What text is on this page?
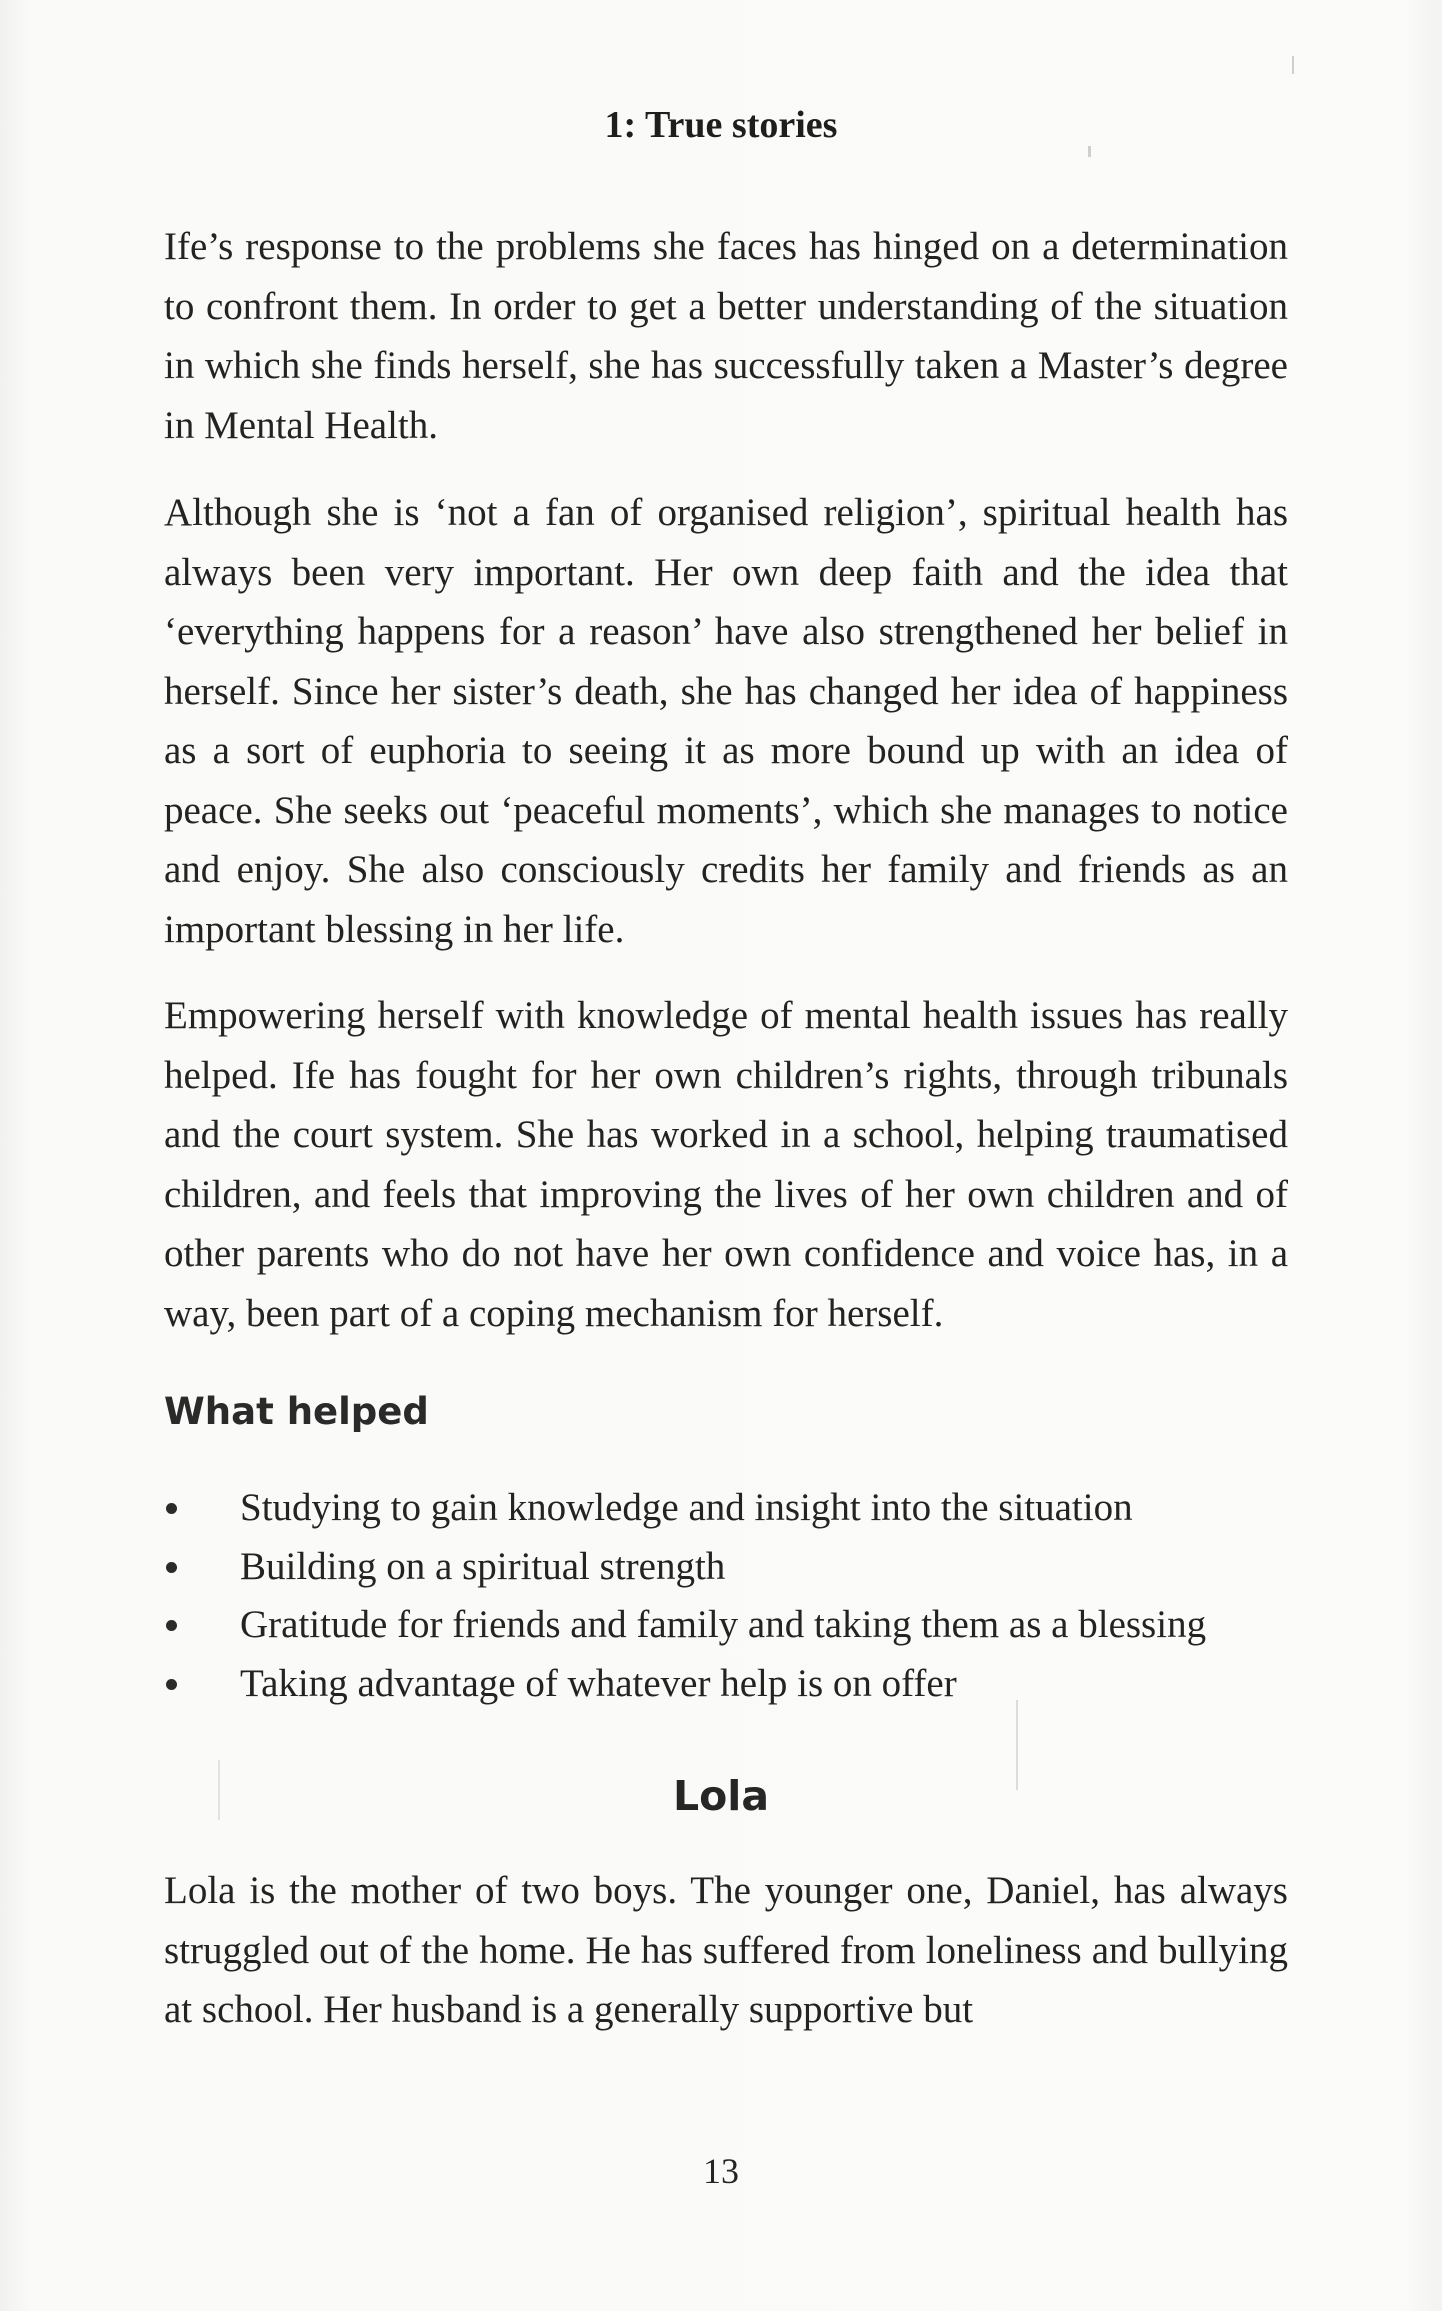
1: True stories

Ife’s response to the problems she faces has hinged on a determination to confront them. In order to get a better understanding of the situation in which she finds herself, she has successfully taken a Master’s degree in Mental Health.

Although she is ‘not a fan of organised religion’, spiritual health has always been very important. Her own deep faith and the idea that ‘everything happens for a reason’ have also strengthened her belief in herself. Since her sister’s death, she has changed her idea of happiness as a sort of euphoria to seeing it as more bound up with an idea of peace. She seeks out ‘peaceful moments’, which she manages to notice and enjoy. She also consciously credits her family and friends as an important blessing in her life.

Empowering herself with knowledge of mental health issues has really helped. Ife has fought for her own children’s rights, through tribunals and the court system. She has worked in a school, helping traumatised children, and feels that improving the lives of her own children and of other parents who do not have her own confidence and voice has, in a way, been part of a coping mechanism for herself.

What helped
Studying to gain knowledge and insight into the situation
Building on a spiritual strength
Gratitude for friends and family and taking them as a blessing
Taking advantage of whatever help is on offer
Lola

Lola is the mother of two boys. The younger one, Daniel, has always struggled out of the home. He has suffered from loneliness and bullying at school. Her husband is a generally supportive but

13
